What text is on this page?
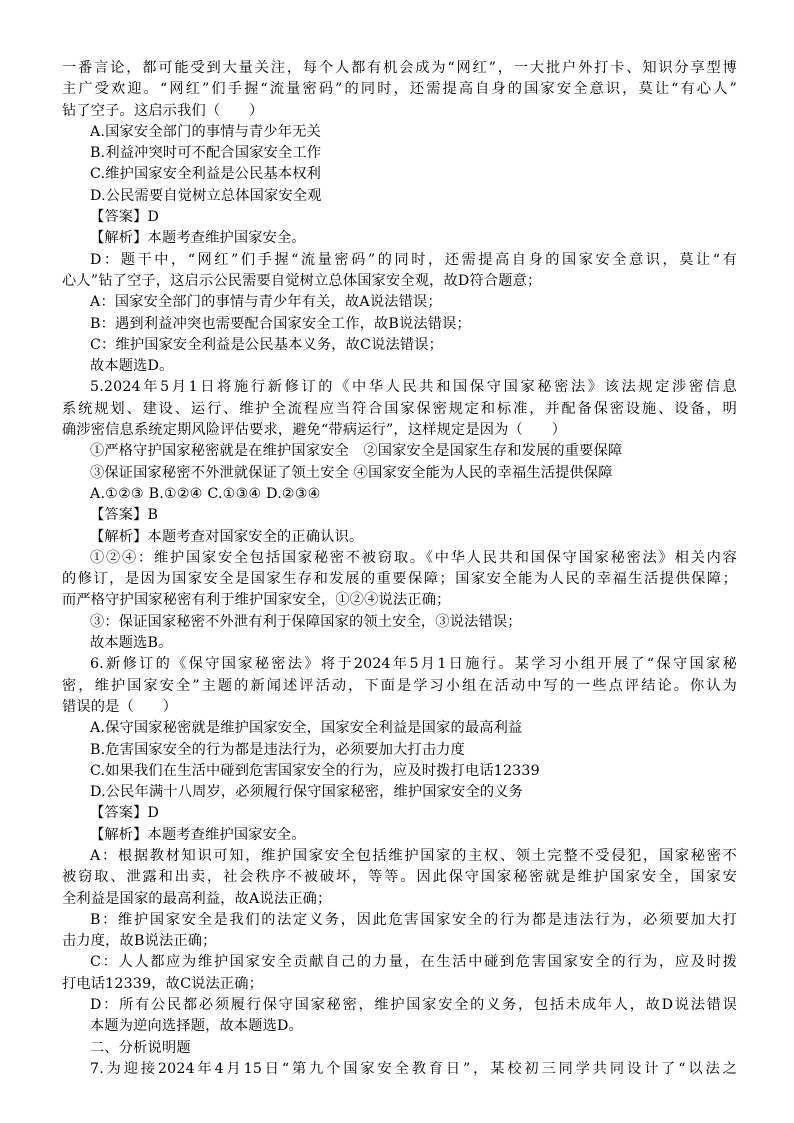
一番言论，都可能受到大量关注，每个人都有机会成为“网红”，一大批户外打卡、知识分享型博
主广受欢迎。“网红”们手握“流量密码”的同时，还需提高自身的国家安全意识，莫让“有心人”
钻了空子。这启示我们（　　）
A.国家安全部门的事情与青少年无关
B.利益冲突时可不配合国家安全工作
C.维护国家安全利益是公民基本权利
D.公民需要自觉树立总体国家安全观
【答案】D
【解析】本题考查维护国家安全。
D：题干中，“网红”们手握“流量密码”的同时，还需提高自身的国家安全意识，莫让“有
心人”钻了空子，这启示公民需要自觉树立总体国家安全观，故D符合题意；
A：国家安全部门的事情与青少年有关，故A说法错误；
B：遇到利益冲突也需要配合国家安全工作，故B说法错误；
C：维护国家安全利益是公民基本义务，故C说法错误；
故本题选D。
5.2024年5月1日将施行新修订的《中华人民共和国保守国家秘密法》该法规定涉密信息
系统规划、建设、运行、维护全流程应当符合国家保密规定和标准，并配备保密设施、设备，明
确涉密信息系统定期风险评估要求，避免“带病运行”，这样规定是因为（　　）
①严格守护国家秘密就是在维护国家安全　②国家安全是国家生存和发展的重要保障
③保证国家秘密不外泄就保证了领土安全 ④国家安全能为人民的幸福生活提供保障
A.①②③ B.①②④ C.①③④ D.②③④
【答案】B
【解析】本题考查对国家安全的正确认识。
①②④：维护国家安全包括国家秘密不被窃取。《中华人民共和国保守国家秘密法》相关内容
的修订，是因为国家安全是国家生存和发展的重要保障；国家安全能为人民的幸福生活提供保障；
而严格守护国家秘密有利于维护国家安全，①②④说法正确；
③：保证国家秘密不外泄有利于保障国家的领土安全，③说法错误；
故本题选B。
6.新修订的《保守国家秘密法》将于2024年5月1日施行。某学习小组开展了“保守国家秘
密，维护国家安全”主题的新闻述评活动，下面是学习小组在活动中写的一些点评结论。你认为
错误的是（　　）
A.保守国家秘密就是维护国家安全，国家安全利益是国家的最高利益
B.危害国家安全的行为都是违法行为，必须要加大打击力度
C.如果我们在生活中碰到危害国家安全的行为，应及时拨打电话12339
D.公民年满十八周岁，必须履行保守国家秘密，维护国家安全的义务
【答案】D
【解析】本题考查维护国家安全。
A：根据教材知识可知，维护国家安全包括维护国家的主权、领土完整不受侵犯，国家秘密不
被窃取、泄露和出卖，社会秩序不被破坏，等等。因此保守国家秘密就是维护国家安全，国家安
全利益是国家的最高利益，故A说法正确；
B：维护国家安全是我们的法定义务，因此危害国家安全的行为都是违法行为，必须要加大打
击力度，故B说法正确；
C：人人都应为维护国家安全贡献自己的力量，在生活中碰到危害国家安全的行为，应及时拨
打电话12339，故C说法正确；
D：所有公民都必须履行保守国家秘密，维护国家安全的义务，包括未成年人，故D说法错误
本题为逆向选择题，故本题选D。
二、分析说明题
7.为迎接2024年4月15日“第九个国家安全教育日”，某校初三同学共同设计了“以法之
